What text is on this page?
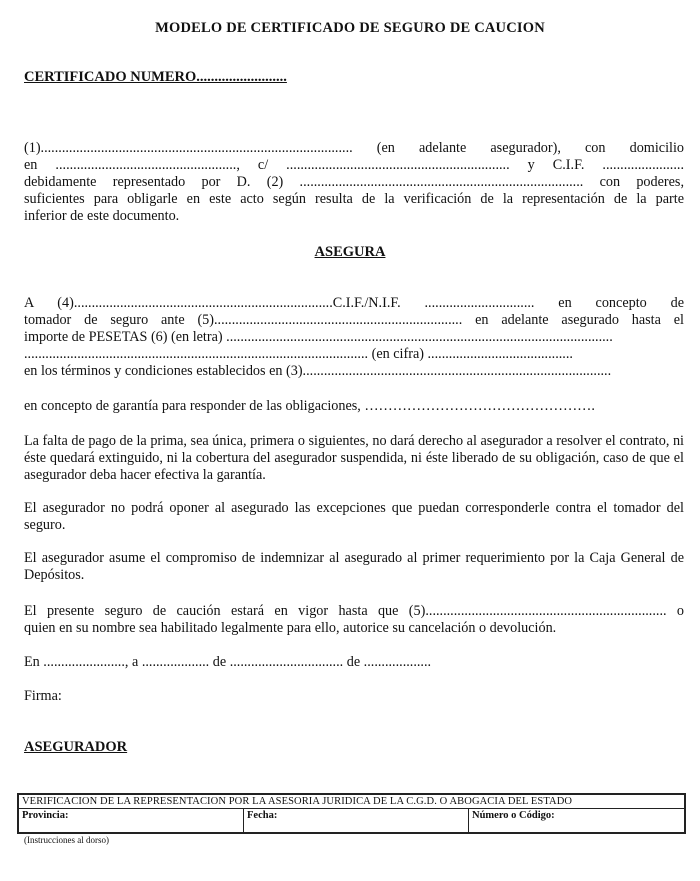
MODELO DE CERTIFICADO DE SEGURO DE CAUCION
CERTIFICADO NUMERO.........................
(1)........................................................................................ (en adelante asegurador), con domicilio
en ..................................................., c/ ............................................................... y C.I.F. .......................
debidamente representado por D. (2) ................................................................................ con poderes,
suficientes para obligarle en este acto según resulta de la verificación de la representación de la parte
inferior de este documento.
ASEGURA
A (4).........................................................................C.I.F./N.I.F. ............................... en concepto de
tomador de seguro ante (5)...................................................................... en adelante asegurado hasta el
importe de PESETAS (6) (en letra) .............................................................................................................
................................................................................................. (en cifra) .........................................
en los términos y condiciones establecidos en (3).......................................................................................
en concepto de garantía para responder de las obligaciones, ………………………………………….
La falta de pago de la prima, sea única, primera o siguientes, no dará derecho al asegurador a resolver el contrato, ni éste quedará extinguido, ni la cobertura del asegurador suspendida, ni éste liberado de su obligación, caso de que el asegurador deba hacer efectiva la garantía.
El asegurador no podrá oponer al asegurado las excepciones que puedan corresponderle contra el tomador del seguro.
El asegurador asume el compromiso de indemnizar al asegurado al primer requerimiento por la Caja General de Depósitos.
El presente seguro de caución estará en vigor hasta que (5).................................................................... o
quien en su nombre sea habilitado legalmente para ello, autorice su cancelación o devolución.
En ......................., a ................... de ................................ de ...................
Firma:
ASEGURADOR
VERIFICACION DE LA REPRESENTACION POR LA ASESORIA JURIDICA DE LA C.G.D. O ABOGACIA DEL ESTADO
Provincia:	Fecha:	Número o Código:
(Instrucciones al dorso)
